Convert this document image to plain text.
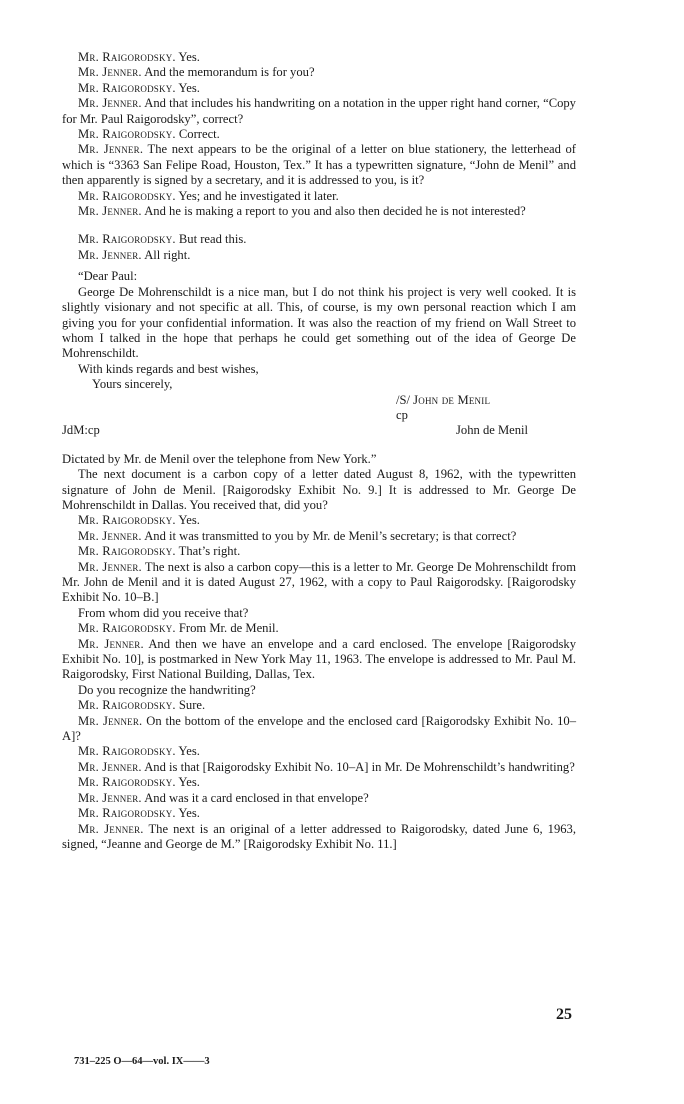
Mr. Raigorodsky. Yes.

Mr. Jenner. And the memorandum is for you?

Mr. Raigorodsky. Yes.

Mr. Jenner. And that includes his handwriting on a notation in the upper right hand corner, “Copy for Mr. Paul Raigorodsky”, correct?

Mr. Raigorodsky. Correct.

Mr. Jenner. The next appears to be the original of a letter on blue stationery, the letterhead of which is “3363 San Felipe Road, Houston, Tex.” It has a typewritten signature, “John de Menil” and then apparently is signed by a secretary, and it is addressed to you, is it?

Mr. Raigorodsky. Yes; and he investigated it later.

Mr. Jenner. And he is making a report to you and also then decided he is not interested?

Mr. Raigorodsky. But read this.

Mr. Jenner. All right.

“Dear Paul:

George De Mohrenschildt is a nice man, but I do not think his project is very well cooked. It is slightly visionary and not specific at all. This, of course, is my own personal reaction which I am giving you for your confidential information. It was also the reaction of my friend on Wall Street to whom I talked in the hope that perhaps he could get something out of the idea of George De Mohrenschildt.

With kinds regards and best wishes,

Yours sincerely,

/S/ John de Menil

cp

JdM:cp	John de Menil

Dictated by Mr. de Menil over the telephone from New York.”

The next document is a carbon copy of a letter dated August 8, 1962, with the typewritten signature of John de Menil. [Raigorodsky Exhibit No. 9.] It is addressed to Mr. George De Mohrenschildt in Dallas. You received that, did you?

Mr. Raigorodsky. Yes.

Mr. Jenner. And it was transmitted to you by Mr. de Menil’s secretary; is that correct?

Mr. Raigorodsky. That’s right.

Mr. Jenner. The next is also a carbon copy—this is a letter to Mr. George De Mohrenschildt from Mr. John de Menil and it is dated August 27, 1962, with a copy to Paul Raigorodsky. [Raigorodsky Exhibit No. 10–B.]

From whom did you receive that?

Mr. Raigorodsky. From Mr. de Menil.

Mr. Jenner. And then we have an envelope and a card enclosed. The envelope [Raigorodsky Exhibit No. 10], is postmarked in New York May 11, 1963. The envelope is addressed to Mr. Paul M. Raigorodsky, First National Building, Dallas, Tex.

Do you recognize the handwriting?

Mr. Raigorodsky. Sure.

Mr. Jenner. On the bottom of the envelope and the enclosed card [Raigorodsky Exhibit No. 10–A]?

Mr. Raigorodsky. Yes.

Mr. Jenner. And is that [Raigorodsky Exhibit No. 10–A] in Mr. De Mohrenschildt’s handwriting?

Mr. Raigorodsky. Yes.

Mr. Jenner. And was it a card enclosed in that envelope?

Mr. Raigorodsky. Yes.

Mr. Jenner. The next is an original of a letter addressed to Raigorodsky, dated June 6, 1963, signed, “Jeanne and George de M.” [Raigorodsky Exhibit No. 11.]

25
731–225 O—64—vol. IX——3
